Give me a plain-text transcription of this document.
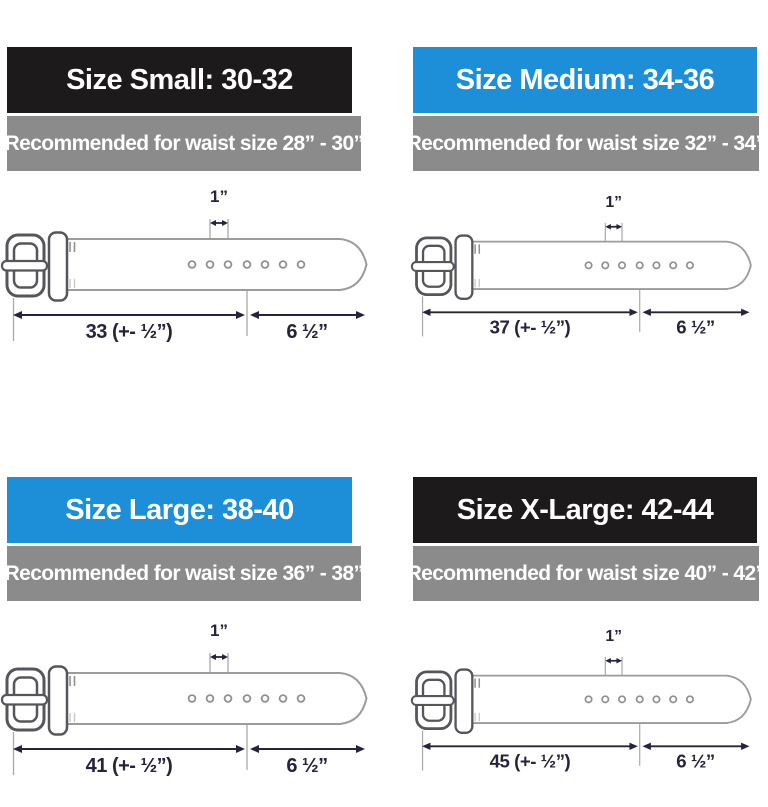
Size Small: 30-32
Recommended for waist size 28” - 30”
1”
33 (+- ½”)	6 ½”
Size Medium: 34-36
Recommended for waist size 32” - 34”
1”
37 (+- ½”)	6 ½”
Size Large: 38-40
Recommended for waist size 36” - 38”
1”
41 (+- ½”)	6 ½”
Size X-Large: 42-44
Recommended for waist size 40” - 42”
1”
45 (+- ½”)	6 ½”
